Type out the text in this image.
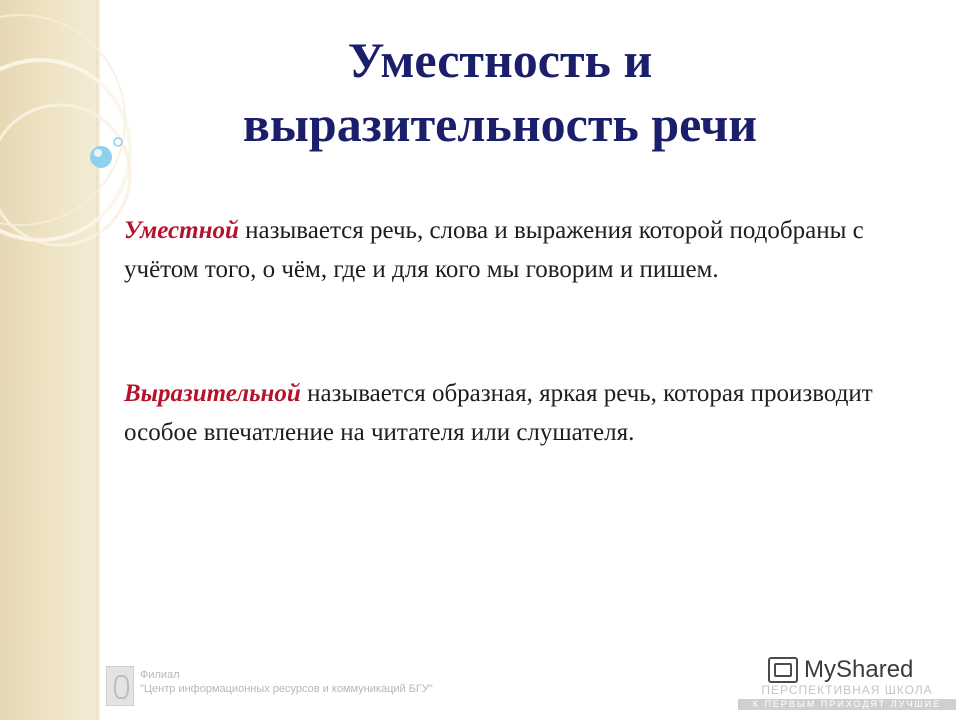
Уместность и
выразительность речи

Уместной называется речь, слова и выражения которой подобраны с учётом того, о чём, где и для кого мы говорим и пишем.

Выразительной называется образная, яркая речь, которая производит особое впечатление на читателя или слушателя.

Филиал
"Центр информационных ресурсов и коммуникаций БГУ"
MyShared
ПЕРСПЕКТИВНАЯ ШКОЛА
К ПЕРВЫМ ПРИХОДЯТ ЛУЧШИЕ
